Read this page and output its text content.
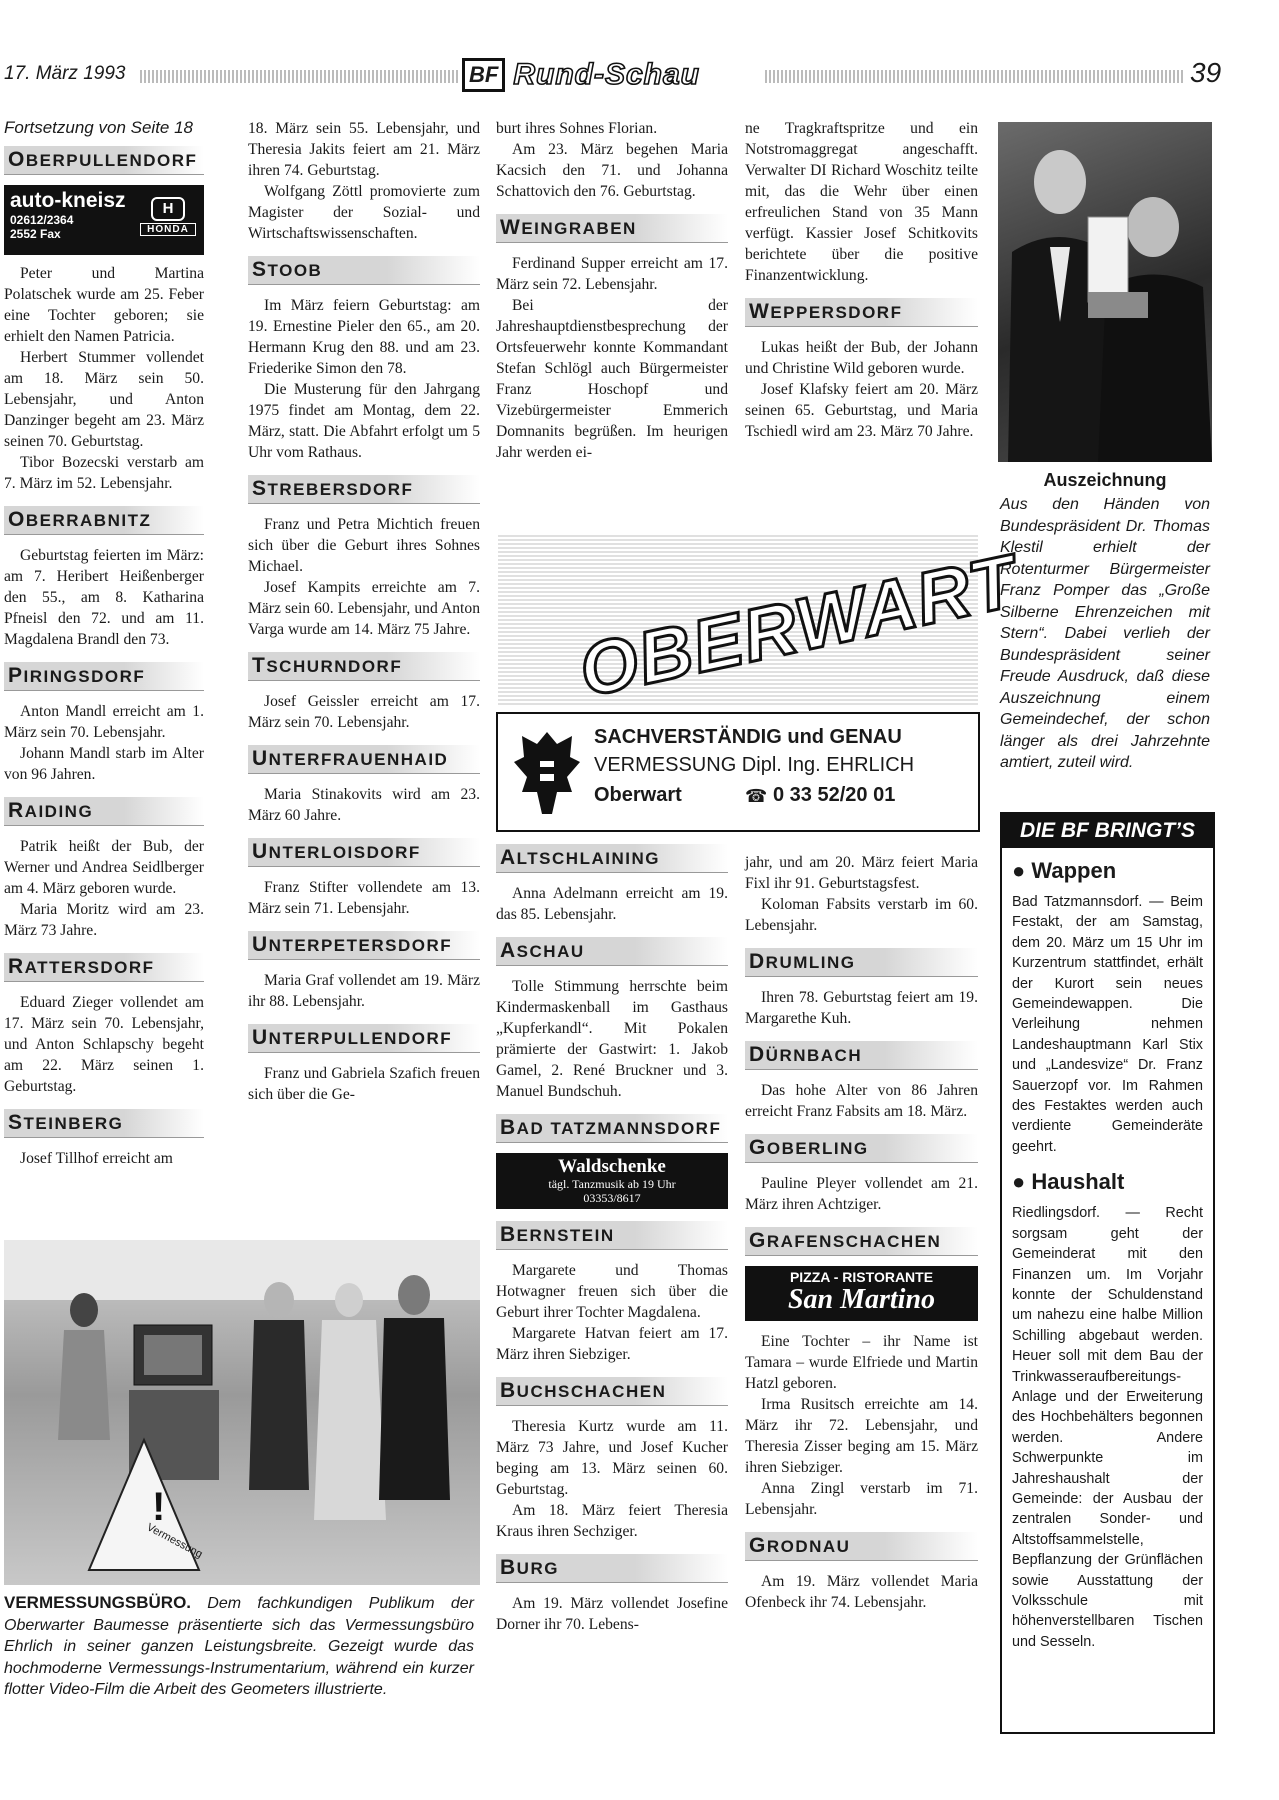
17. März 1993	BF Rund-Schau	39
Fortsetzung von Seite 18
OBERPULLENDORF
auto-kneisz
02612/2364
2552 Fax
H
HONDA

Peter und Martina Polatschek wurde am 25. Feber eine Tochter geboren; sie erhielt den Namen Patricia.

Herbert Stummer vollendet am 18. März sein 50. Lebensjahr, und Anton Danzinger begeht am 23. März seinen 70. Geburtstag.

Tibor Bozecski verstarb am 7. März im 52. Lebensjahr.

OBERRABNITZ

Geburtstag feierten im März: am 7. Heribert Heißenberger den 55., am 8. Katharina Pfneisl den 72. und am 11. Magdalena Brandl den 73.

PIRINGSDORF

Anton Mandl erreicht am 1. März sein 70. Lebensjahr.

Johann Mandl starb im Alter von 96 Jahren.

RAIDING

Patrik heißt der Bub, der Werner und Andrea Seidlberger am 4. März geboren wurde.

Maria Moritz wird am 23. März 73 Jahre.

RATTERSDORF

Eduard Zieger vollendet am 17. März sein 70. Lebensjahr, und Anton Schlapschy begeht am 22. März seinen 1. Geburtstag.

STEINBERG

Josef Tillhof erreicht am

18. März sein 55. Lebensjahr, und Theresia Jakits feiert am 21. März ihren 74. Geburtstag.

Wolfgang Zöttl promovierte zum Magister der Sozial- und Wirtschaftswissenschaften.

STOOB

Im März feiern Geburtstag: am 19. Ernestine Pieler den 65., am 20. Hermann Krug den 88. und am 23. Friederike Simon den 78.

Die Musterung für den Jahrgang 1975 findet am Montag, dem 22. März, statt. Die Abfahrt erfolgt um 5 Uhr vom Rathaus.

STREBERSDORF

Franz und Petra Michtich freuen sich über die Geburt ihres Sohnes Michael.

Josef Kampits erreichte am 7. März sein 60. Lebensjahr, und Anton Varga wurde am 14. März 75 Jahre.

TSCHURNDORF

Josef Geissler erreicht am 17. März sein 70. Lebensjahr.

UNTERFRAUENHAID

Maria Stinakovits wird am 23. März 60 Jahre.

UNTERLOISDORF

Franz Stifter vollendete am 13. März sein 71. Lebensjahr.

UNTERPETERSDORF

Maria Graf vollendet am 19. März ihr 88. Lebensjahr.

UNTERPULLENDORF

Franz und Gabriela Szafich freuen sich über die Ge-

burt ihres Sohnes Florian.

Am 23. März begehen Maria Kacsich den 71. und Johanna Schattovich den 76. Geburtstag.

WEINGRABEN

Ferdinand Supper erreicht am 17. März sein 72. Lebensjahr.

Bei der Jahreshauptdienstbesprechung der Ortsfeuerwehr konnte Kommandant Stefan Schlögl auch Bürgermeister Franz Hoschopf und Vizebürgermeister Emmerich Domnanits begrüßen. Im heurigen Jahr werden ei-

ne Tragkraftspritze und ein Notstromaggregat angeschafft. Verwalter DI Richard Woschitz teilte mit, das die Wehr über einen erfreulichen Stand von 35 Mann verfügt. Kassier Josef Schitkovits berichtete über die positive Finanzentwicklung.

WEPPERSDORF

Lukas heißt der Bub, der Johann und Christine Wild geboren wurde.

Josef Klafsky feiert am 20. März seinen 65. Geburtstag, und Maria Tschiedl wird am 23. März 70 Jahre.

Auszeichnung
Aus den Händen von Bundespräsident Dr. Thomas Klestil erhielt der Rotenturmer Bürgermeister Franz Pomper das „Große Silberne Ehrenzeichen mit Stern“. Dabei verlieh der Bundespräsident seiner Freude Ausdruck, daß diese Auszeichnung einem Gemeindechef, der schon länger als drei Jahrzehnte amtiert, zuteil wird.
OBERWART
SACHVERSTÄNDIG und GENAU
VERMESSUNG Dipl. Ing. EHRLICH
Oberwart	☎ 0 33 52/20 01
ALTSCHLAINING

Anna Adelmann erreicht am 19. das 85. Lebensjahr.

ASCHAU

Tolle Stimmung herrschte beim Kindermaskenball im Gasthaus „Kupferkandl“. Mit Pokalen prämierte der Gastwirt: 1. Jakob Gamel, 2. René Bruckner und 3. Manuel Bundschuh.

BAD TATZMANNSDORF
Waldschenke
tägl. Tanzmusik ab 19 Uhr
03353/8617
BERNSTEIN

Margarete und Thomas Hotwagner freuen sich über die Geburt ihrer Tochter Magdalena.

Margarete Hatvan feiert am 17. März ihren Siebziger.

BUCHSCHACHEN

Theresia Kurtz wurde am 11. März 73 Jahre, und Josef Kucher beging am 13. März seinen 60. Geburtstag.

Am 18. März feiert Theresia Kraus ihren Sechziger.

BURG

Am 19. März vollendet Josefine Dorner ihr 70. Lebens-

jahr, und am 20. März feiert Maria Fixl ihr 91. Geburtstagsfest.

Koloman Fabsits verstarb im 60. Lebensjahr.

DRUMLING

Ihren 78. Geburtstag feiert am 19. Margarethe Kuh.

DÜRNBACH

Das hohe Alter von 86 Jahren erreicht Franz Fabsits am 18. März.

GOBERLING

Pauline Pleyer vollendet am 21. März ihren Achtziger.

GRAFENSCHACHEN
PIZZA - RISTORANTE
San Martino

Eine Tochter – ihr Name ist Tamara – wurde Elfriede und Martin Hatzl geboren.

Irma Rusitsch erreichte am 14. März ihr 72. Lebensjahr, und Theresia Zisser beging am 15. März ihren Siebziger.

Anna Zingl verstarb im 71. Lebensjahr.

GRODNAU

Am 19. März vollendet Maria Ofenbeck ihr 74. Lebensjahr.

!
Vermessung
VERMESSUNGSBÜRO. Dem fachkundigen Publikum der Oberwarter Baumesse präsentierte sich das Vermessungsbüro Ehrlich in seiner ganzen Leistungsbreite. Gezeigt wurde das hochmoderne Vermessungs-Instrumentarium, während ein kurzer flotter Video-Film die Arbeit des Geometers illustrierte.
DIE BF BRINGT’S
● Wappen

Bad Tatzmannsdorf. — Beim Festakt, der am Samstag, dem 20. März um 15 Uhr im Kurzentrum stattfindet, erhält der Kurort sein neues Gemeindewappen. Die Verleihung nehmen Landeshauptmann Karl Stix und „Landesvize“ Dr. Franz Sauerzopf vor. Im Rahmen des Festaktes werden auch verdiente Gemeinderäte geehrt.

● Haushalt

Riedlingsdorf. — Recht sorgsam geht der Gemeinderat mit den Finanzen um. Im Vorjahr konnte der Schuldenstand um nahezu eine halbe Million Schilling abgebaut werden. Heuer soll mit dem Bau der Trinkwasseraufbereitungs-Anlage und der Erweiterung des Hochbehälters begonnen werden. Andere Schwerpunkte im Jahreshaushalt der Gemeinde: der Ausbau der zentralen Sonder- und Altstoffsammelstelle, Bepflanzung der Grünflächen sowie Ausstattung der Volksschule mit höhenverstellbaren Tischen und Sesseln.
